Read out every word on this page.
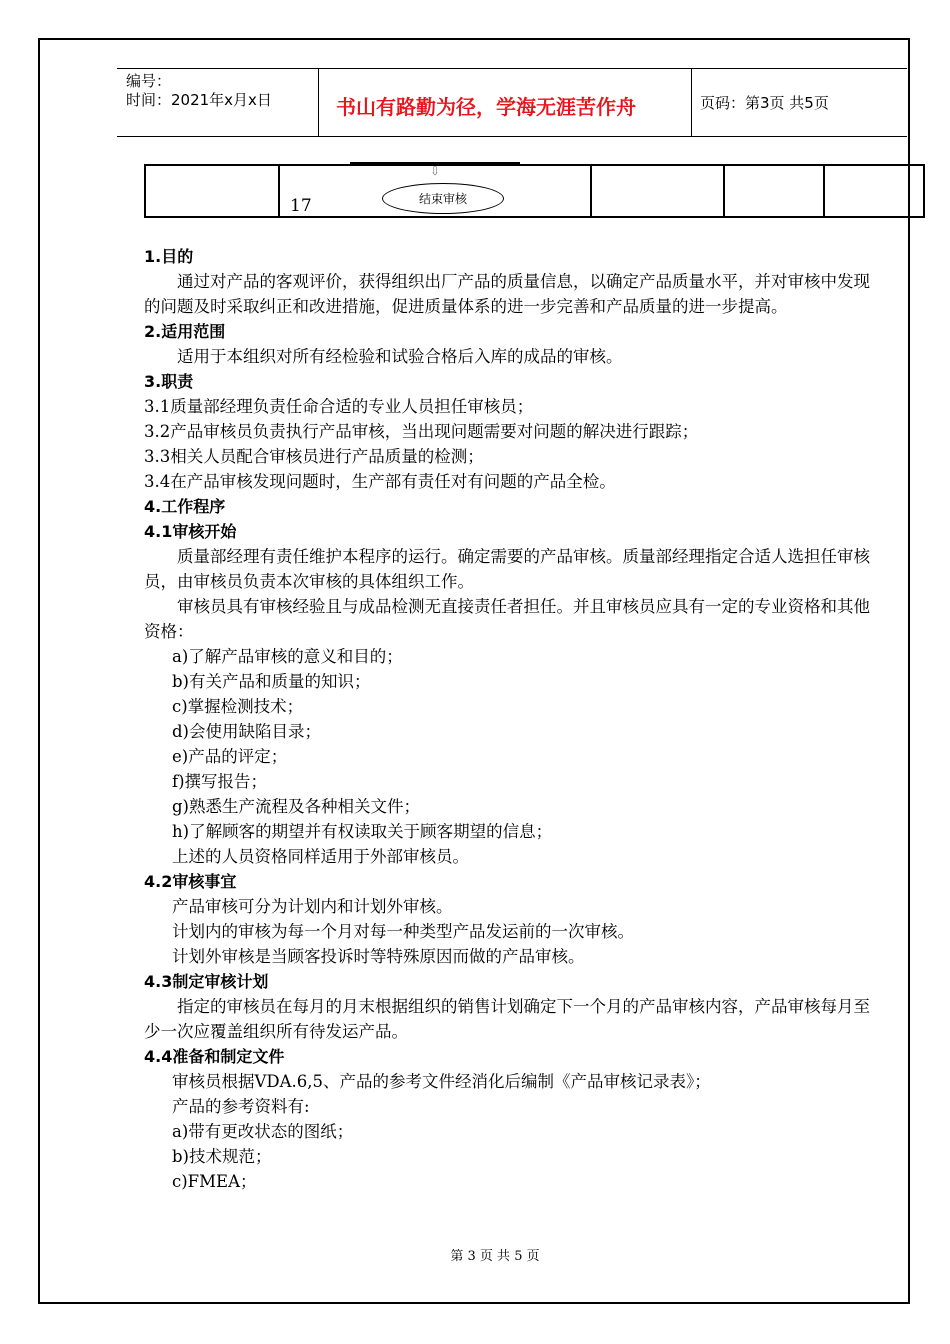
编号：
时间：2021年x月x日	书山有路勤为径，学海无涯苦作舟	页码：第3页 共5页
	17			
⇩
结束审核

1.目的

通过对产品的客观评价，获得组织出厂产品的质量信息，以确定产品质量水平，并对审核中发现的问题及时采取纠正和改进措施，促进质量体系的进一步完善和产品质量的进一步提高。

2.适用范围

适用于本组织对所有经检验和试验合格后入库的成品的审核。

3.职责

3.1质量部经理负责任命合适的专业人员担任审核员；

3.2产品审核员负责执行产品审核，当出现问题需要对问题的解决进行跟踪；

3.3相关人员配合审核员进行产品质量的检测；

3.4在产品审核发现问题时，生产部有责任对有问题的产品全检。

4.工作程序

4.1审核开始

质量部经理有责任维护本程序的运行。确定需要的产品审核。质量部经理指定合适人选担任审核员，由审核员负责本次审核的具体组织工作。

审核员具有审核经验且与成品检测无直接责任者担任。并且审核员应具有一定的专业资格和其他资格：

a)了解产品审核的意义和目的；

b)有关产品和质量的知识；

c)掌握检测技术；

d)会使用缺陷目录；

e)产品的评定；

f)撰写报告；

g)熟悉生产流程及各种相关文件；

h)了解顾客的期望并有权读取关于顾客期望的信息；

上述的人员资格同样适用于外部审核员。

4.2审核事宜

产品审核可分为计划内和计划外审核。

计划内的审核为每一个月对每一种类型产品发运前的一次审核。

计划外审核是当顾客投诉时等特殊原因而做的产品审核。

4.3制定审核计划

指定的审核员在每月的月末根据组织的销售计划确定下一个月的产品审核内容，产品审核每月至少一次应覆盖组织所有待发运产品。

4.4准备和制定文件

审核员根据VDA.6,5、产品的参考文件经消化后编制《产品审核记录表》；

产品的参考资料有:

a)带有更改状态的图纸；

b)技术规范；

c)FMEA；

第 3 页 共 5 页
